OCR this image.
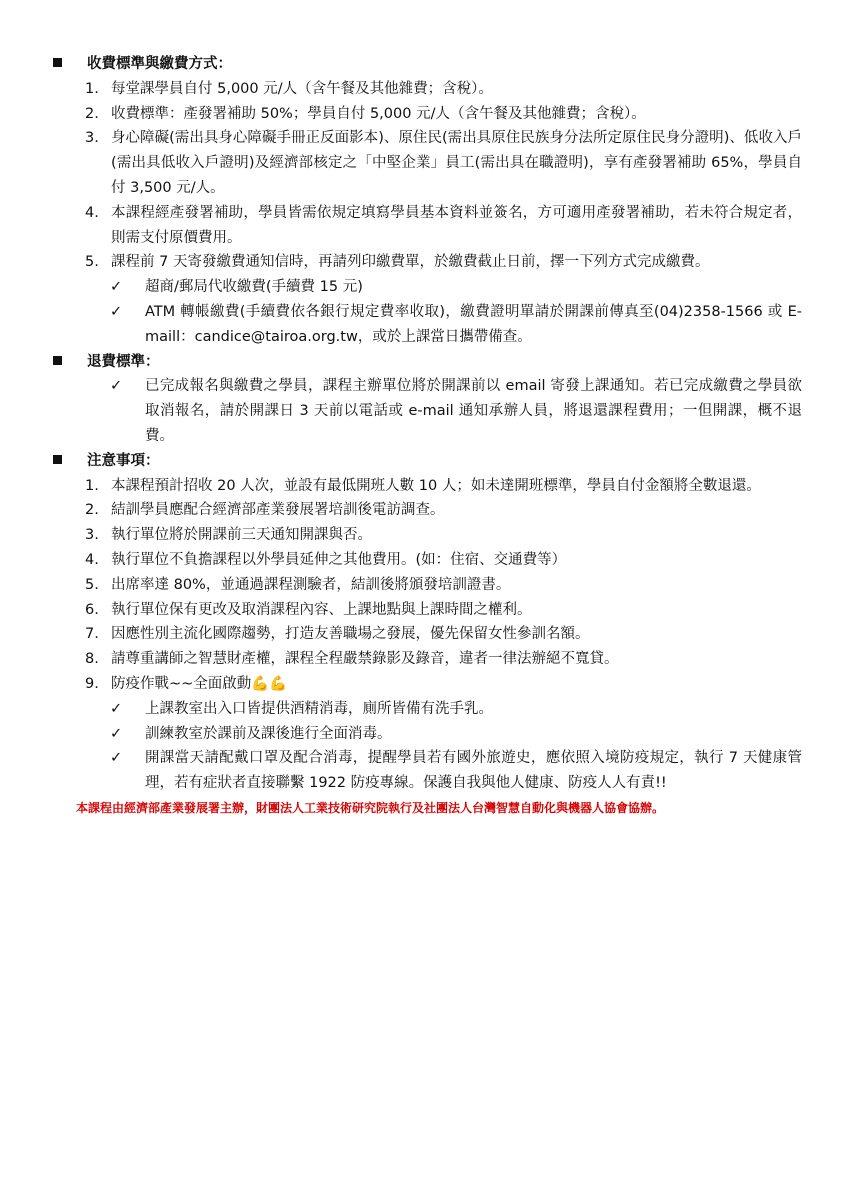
收費標準與繳費方式：
1. 每堂課學員自付 5,000 元/人（含午餐及其他雜費；含稅）。
2. 收費標準：產發署補助 50%；學員自付 5,000 元/人（含午餐及其他雜費；含稅）。
3. 身心障礙(需出具身心障礙手冊正反面影本)、原住民(需出具原住民族身分法所定原住民身分證明)、低收入戶(需出具低收入戶證明)及經濟部核定之「中堅企業」員工(需出具在職證明)，享有產發署補助 65%，學員自付 3,500 元/人。
4. 本課程經產發署補助，學員皆需依規定填寫學員基本資料並簽名，方可適用產發署補助，若未符合規定者，則需支付原價費用。
5. 課程前 7 天寄發繳費通知信時，再請列印繳費單，於繳費截止日前，擇一下列方式完成繳費。
✓	超商/郵局代收繳費(手續費 15 元)
✓	ATM 轉帳繳費(手續費依各銀行規定費率收取)，繳費證明單請於開課前傳真至(04)2358-1566 或 E-maill：candice@tairoa.org.tw，或於上課當日攜帶備查。
退費標準：
✓	已完成報名與繳費之學員，課程主辦單位將於開課前以 email 寄發上課通知。若已完成繳費之學員欲取消報名，請於開課日 3 天前以電話或 e-mail 通知承辦人員，將退還課程費用；一但開課，概不退費。
注意事項：
1. 本課程預計招收 20 人次，並設有最低開班人數 10 人；如未達開班標準，學員自付金額將全數退還。
2. 結訓學員應配合經濟部產業發展署培訓後電訪調查。
3. 執行單位將於開課前三天通知開課與否。
4. 執行單位不負擔課程以外學員延伸之其他費用。(如：住宿、交通費等）
5. 出席率達 80%，並通過課程測驗者，結訓後將頒發培訓證書。
6. 執行單位保有更改及取消課程內容、上課地點與上課時間之權利。
7. 因應性別主流化國際趨勢，打造友善職場之發展，優先保留女性參訓名額。
8. 請尊重講師之智慧財產權，課程全程嚴禁錄影及錄音，違者一律法辦絕不寬貸。
9. 防疫作戰~~全面啟動💪💪
✓	上課教室出入口皆提供酒精消毒，廁所皆備有洗手乳。
✓	訓練教室於課前及課後進行全面消毒。
✓	開課當天請配戴口罩及配合消毒，提醒學員若有國外旅遊史，應依照入境防疫規定，執行 7 天健康管理，若有症狀者直接聯繫 1922 防疫專線。保護自我與他人健康、防疫人人有責!!
本課程由經濟部產業發展署主辦，財團法人工業技術研究院執行及社團法人台灣智慧自動化與機器人協會協辦。
